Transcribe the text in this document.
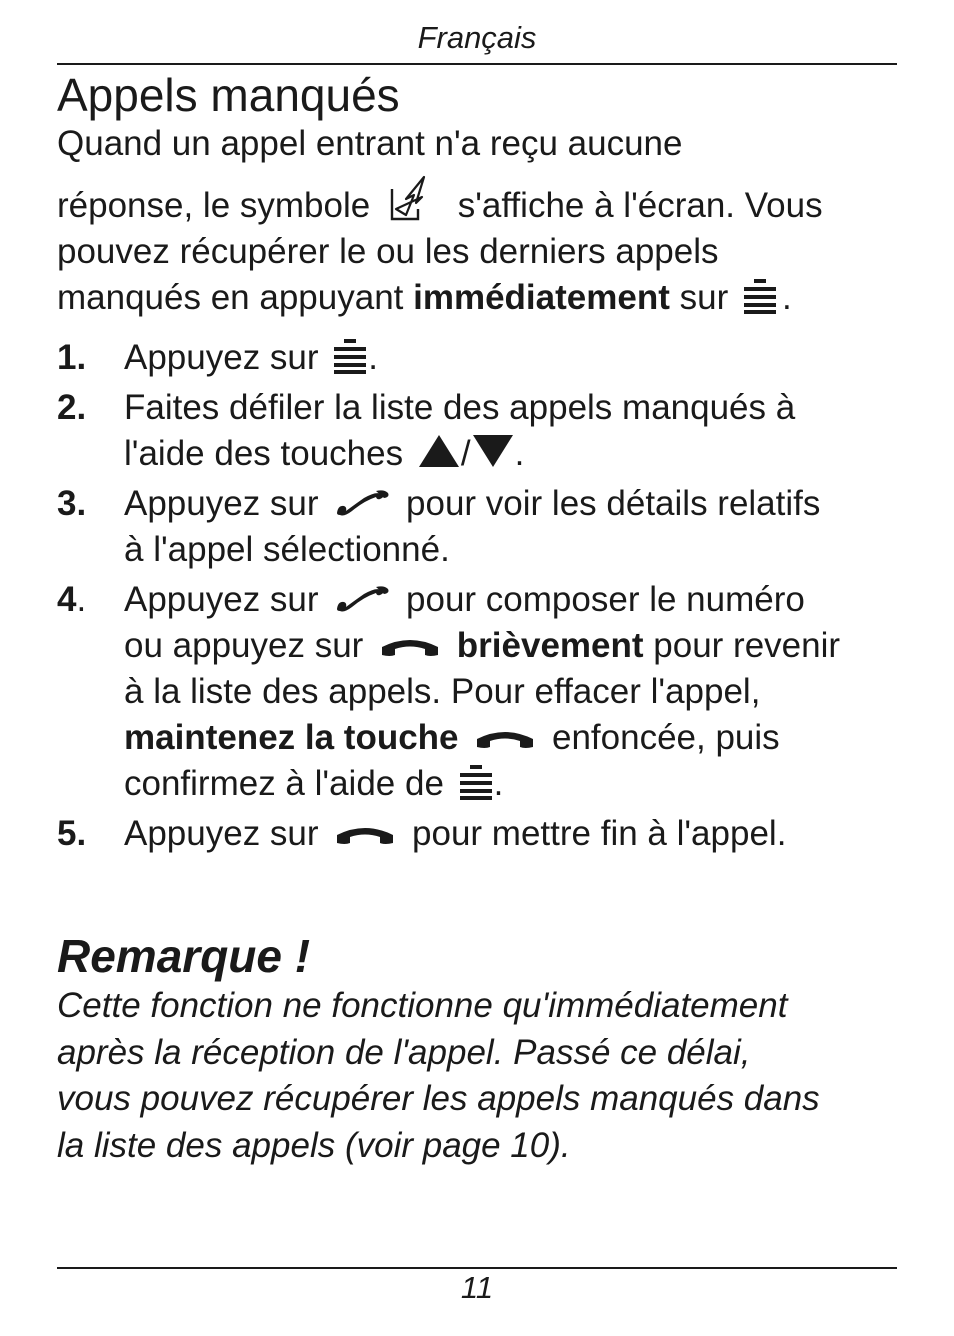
Français
Appels manqués

Quand un appel entrant n'a reçu aucune
réponse, le symbole s'affiche à l'écran. Vous
pouvez récupérer le ou les derniers appels
manqués en appuyant immédiatement sur .

1.	Appuyez sur .
2.	Faites défiler la liste des appels manqués à
l'aide des touches / .
3.	Appuyez sur pour voir les détails relatifs
à l'appel sélectionné.
4.	Appuyez sur pour composer le numéro
ou appuyez sur	brièvement pour revenir
à la liste des appels. Pour effacer l'appel,
maintenez la touche	enfoncée, puis
confirmez à l'aide de .
5.	Appuyez sur	pour mettre fin à l'appel.
Remarque !

Cette fonction ne fonctionne qu'immédiatement
après la réception de l'appel. Passé ce délai,
vous pouvez récupérer les appels manqués dans
la liste des appels (voir page 10).

11
